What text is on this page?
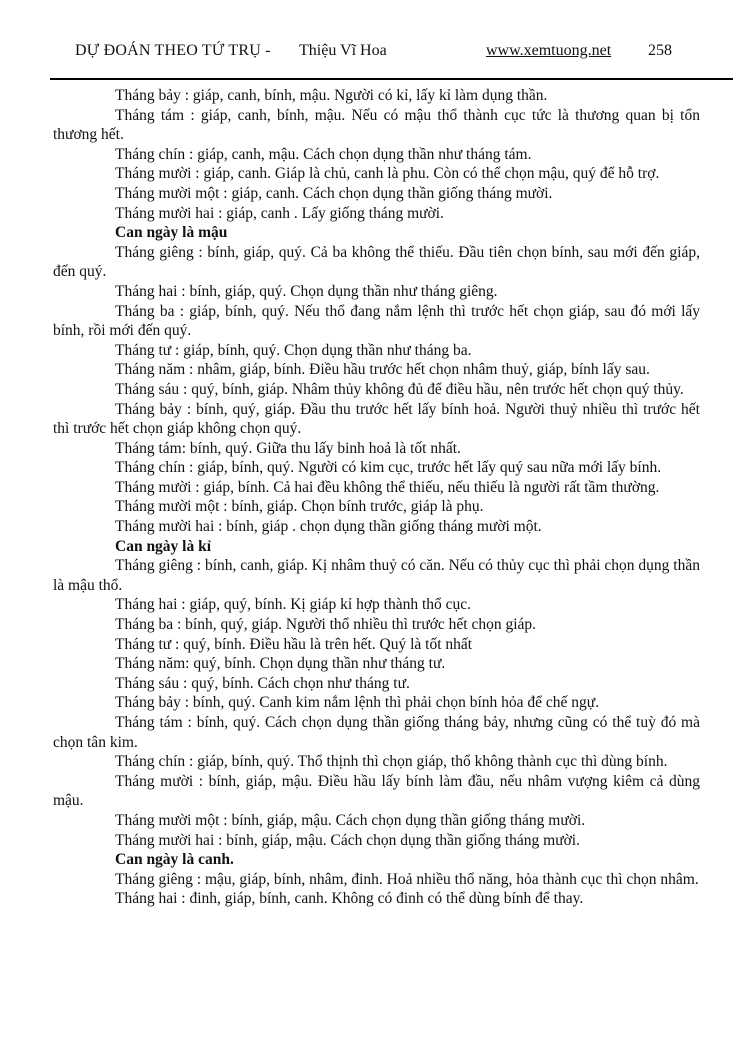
DỰ ĐOÁN THEO TỨ TRỤ - Thiệu Vĩ Hoa	www.xemtuong.net 258

Tháng bảy : giáp, canh, bính, mậu. Người có kỉ, lấy kỉ làm dụng thần.

Tháng tám : giáp, canh, bính, mậu. Nếu có mậu thổ thành cục tức là thương quan bị tổn thương hết.

Tháng chín : giáp, canh, mậu. Cách chọn dụng thần như tháng tám.

Tháng mười : giáp, canh. Giáp là chủ, canh là phu. Còn có thể chọn mậu, quý để hỗ trợ.

Tháng mười một : giáp, canh. Cách chọn dụng thần giống tháng mười.

Tháng mười hai : giáp, canh . Lấy giống tháng mười.

Can ngày là mậu

Tháng giêng : bính, giáp, quý. Cả ba không thể thiếu. Đầu tiên chọn bính, sau mới đến giáp, đến quý.

Tháng hai : bính, giáp, quý. Chọn dụng thần như tháng giêng.

Tháng ba : giáp, bính, quý. Nếu thổ đang nắm lệnh thì trước hết chọn giáp, sau đó mới lấy bính, rồi mới đến quý.

Tháng tư : giáp, bính, quý. Chọn dụng thần như tháng ba.

Tháng năm : nhâm, giáp, bính. Điều hầu trước hết chọn nhâm thuỷ, giáp, bính lấy sau.

Tháng sáu : quý, bính, giáp. Nhâm thủy không đủ để điều hầu, nên trước hết chọn quý thủy.

Tháng bảy : bính, quý, giáp. Đầu thu trước hết lấy bính hoả. Người thuỷ nhiều thì trước hết thì trước hết chọn giáp không chọn quý.

Tháng tám: bính, quý. Giữa thu lấy binh hoả là tốt nhất.

Tháng chín : giáp, bính, quý. Người có kim cục, trước hết lấy quý sau nữa mới lấy bính.

Tháng mười : giáp, bính. Cả hai đều không thể thiếu, nếu thiếu là người rất tầm thường.

Tháng mười một : bính, giáp. Chọn bính trước, giáp là phụ.

Tháng mười hai : bính, giáp . chọn dụng thần giống tháng mười một.

Can ngày là kỉ

Tháng giêng : bính, canh, giáp. Kị nhâm thuỷ có căn. Nếu có thủy cục thì phải chọn dụng thần là mậu thổ.

Tháng hai : giáp, quý, bính. Kị giáp kỉ hợp thành thổ cục.

Tháng ba : bính, quý, giáp. Người thổ nhiều thì trước hết chọn giáp.

Tháng tư : quý, bính. Điều hầu là trên hết. Quý là tốt nhất

Tháng năm: quý, bính. Chọn dụng thần như tháng tư.

Tháng sáu : quý, bính. Cách chọn như tháng tư.

Tháng bảy : bính, quý. Canh kim nắm lệnh thì phải chọn bính hỏa để chế ngự.

Tháng tám : bính, quý. Cách chọn dụng thần giống tháng bảy, nhưng cũng có thể tuỳ đó mà chọn tân kim.

Tháng chín : giáp, bính, quý. Thổ thịnh thì chọn giáp, thổ không thành cục thì dùng bính.

Tháng mười : bính, giáp, mậu. Điều hầu lấy bính làm đầu, nếu nhâm vượng kiêm cả dùng mậu.

Tháng mười một : bính, giáp, mậu. Cách chọn dụng thần giống tháng mười.

Tháng mười hai : bính, giáp, mậu. Cách chọn dụng thần giống tháng mười.

Can ngày là canh.

Tháng giêng : mậu, giáp, bính, nhâm, đinh. Hoả nhiều thổ năng, hỏa thành cục thì chọn nhâm.

Tháng hai : đinh, giáp, bính, canh. Không có đinh có thể dùng bính để thay.
